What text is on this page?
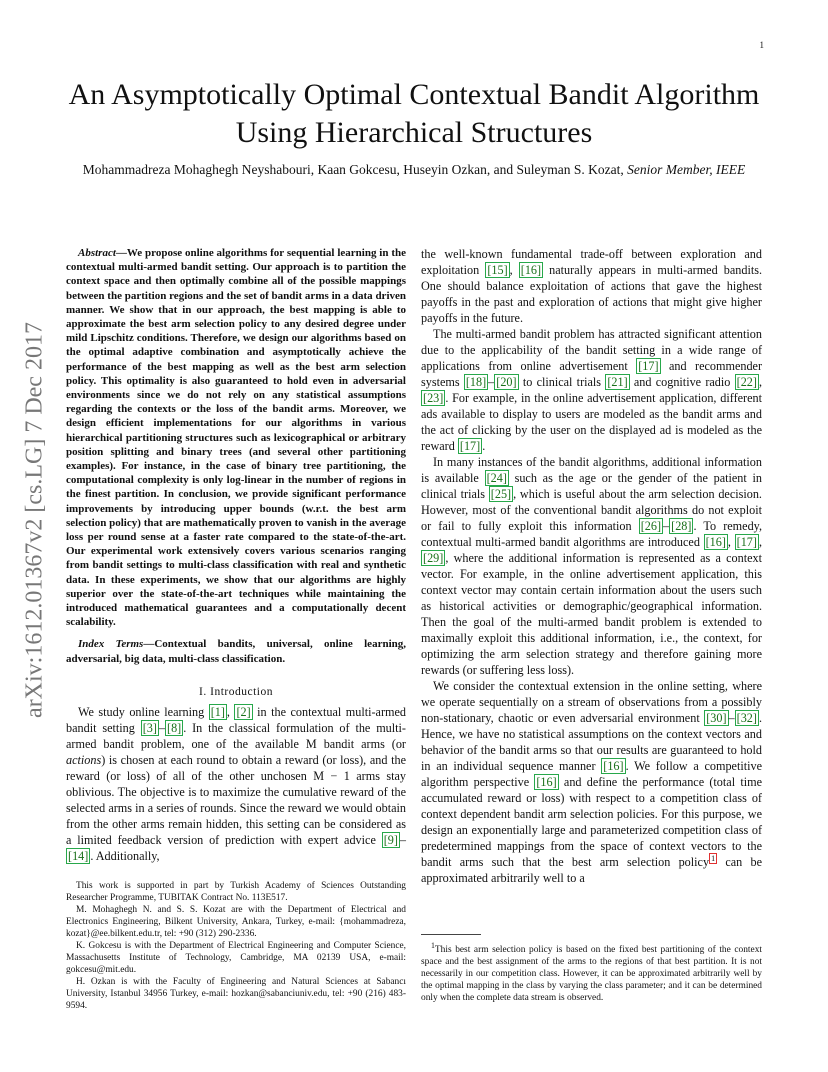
1
arXiv:1612.01367v2 [cs.LG] 7 Dec 2017
An Asymptotically Optimal Contextual Bandit Algorithm Using Hierarchical Structures
Mohammadreza Mohaghegh Neyshabouri, Kaan Gokcesu, Huseyin Ozkan, and Suleyman S. Kozat, Senior Member, IEEE

Abstract—We propose online algorithms for sequential learning in the contextual multi-armed bandit setting. Our approach is to partition the context space and then optimally combine all of the possible mappings between the partition regions and the set of bandit arms in a data driven manner. We show that in our approach, the best mapping is able to approximate the best arm selection policy to any desired degree under mild Lipschitz conditions. Therefore, we design our algorithms based on the optimal adaptive combination and asymptotically achieve the performance of the best mapping as well as the best arm selection policy. This optimality is also guaranteed to hold even in adversarial environments since we do not rely on any statistical assumptions regarding the contexts or the loss of the bandit arms. Moreover, we design efficient implementations for our algorithms in various hierarchical partitioning structures such as lexicographical or arbitrary position splitting and binary trees (and several other partitioning examples). For instance, in the case of binary tree partitioning, the computational complexity is only log-linear in the number of regions in the finest partition. In conclusion, we provide significant performance improvements by introducing upper bounds (w.r.t. the best arm selection policy) that are mathematically proven to vanish in the average loss per round sense at a faster rate compared to the state-of-the-art. Our experimental work extensively covers various scenarios ranging from bandit settings to multi-class classification with real and synthetic data. In these experiments, we show that our algorithms are highly superior over the state-of-the-art techniques while maintaining the introduced mathematical guarantees and a computationally decent scalability.

Index Terms—Contextual bandits, universal, online learning, adversarial, big data, multi-class classification.

I. Introduction

We study online learning [ 1 ] , [ 2 ] in the contextual multi-armed bandit setting [ 3 ] – [ 8 ] . In the classical formulation of the multi-armed bandit problem, one of the available M bandit arms (or actions) is chosen at each round to obtain a reward (or loss), and the reward (or loss) of all of the other unchosen M − 1 arms stay oblivious. The objective is to maximize the cumulative reward of the selected arms in a series of rounds. Since the reward we would obtain from the other arms remain hidden, this setting can be considered as a limited feedback version of prediction with expert advice [ 9 ] –[ 14 ] . Additionally,

the well-known fundamental trade-off between exploration and exploitation [ 15 ] , [ 16 ] naturally appears in multi-armed bandits. One should balance exploitation of actions that gave the highest payoffs in the past and exploration of actions that might give higher payoffs in the future.

The multi-armed bandit problem has attracted significant attention due to the applicability of the bandit setting in a wide range of applications from online advertisement [ 17 ] and recommender systems [ 18 ] – [ 20 ] to clinical trials [ 21 ] and cognitive radio [ 22 ] , [ 23 ] . For example, in the online advertisement application, different ads available to display to users are modeled as the bandit arms and the act of clicking by the user on the displayed ad is modeled as the reward [ 17 ] .

In many instances of the bandit algorithms, additional information is available [ 24 ] such as the age or the gender of the patient in clinical trials [ 25 ] , which is useful about the arm selection decision. However, most of the conventional bandit algorithms do not exploit or fail to fully exploit this information [ 26 ] – [ 28 ] . To remedy, contextual multi-armed bandit algorithms are introduced [ 16 ] , [ 17 ] , [ 29 ] , where the additional information is represented as a context vector. For example, in the online advertisement application, this context vector may contain certain information about the users such as historical activities or demographic/geographical information. Then the goal of the multi-armed bandit problem is extended to maximally exploit this additional information, i.e., the context, for optimizing the arm selection strategy and therefore gaining more rewards (or suffering less loss).

We consider the contextual extension in the online setting, where we operate sequentially on a stream of observations from a possibly non-stationary, chaotic or even adversarial environment [ 30 ] – [ 32 ] . Hence, we have no statistical assumptions on the context vectors and behavior of the bandit arms so that our results are guaranteed to hold in an individual sequence manner [ 16 ] . We follow a competitive algorithm perspective [ 16 ] and define the performance (total time accumulated reward or loss) with respect to a competition class of context dependent bandit arm selection policies. For this purpose, we design an exponentially large and parameterized competition class of predetermined mappings from the space of context vectors to the bandit arms such that the best arm selection policy $^1$ can be approximated arbitrarily well to a

This work is supported in part by Turkish Academy of Sciences Outstanding Researcher Programme, TUBITAK Contract No. 113E517.

M. Mohaghegh N. and S. S. Kozat are with the Department of Electrical and Electronics Engineering, Bilkent University, Ankara, Turkey, e-mail: {mohammadreza, kozat}@ee.bilkent.edu.tr, tel: +90 (312) 290-2336.

K. Gokcesu is with the Department of Electrical Engineering and Computer Science, Massachusetts Institute of Technology, Cambridge, MA 02139 USA, e-mail: gokcesu@mit.edu.

H. Ozkan is with the Faculty of Engineering and Natural Sciences at Sabancı University, Istanbul 34956 Turkey, e-mail: hozkan@sabanciuniv.edu, tel: +90 (216) 483-9594.

$^1$This best arm selection policy is based on the fixed best partitioning of the context space and the best assignment of the arms to the regions of that best partition. It is not necessarily in our competition class. However, it can be approximated arbitrarily well by the optimal mapping in the class by varying the class parameter; and it can be determined only when the complete data stream is observed.
